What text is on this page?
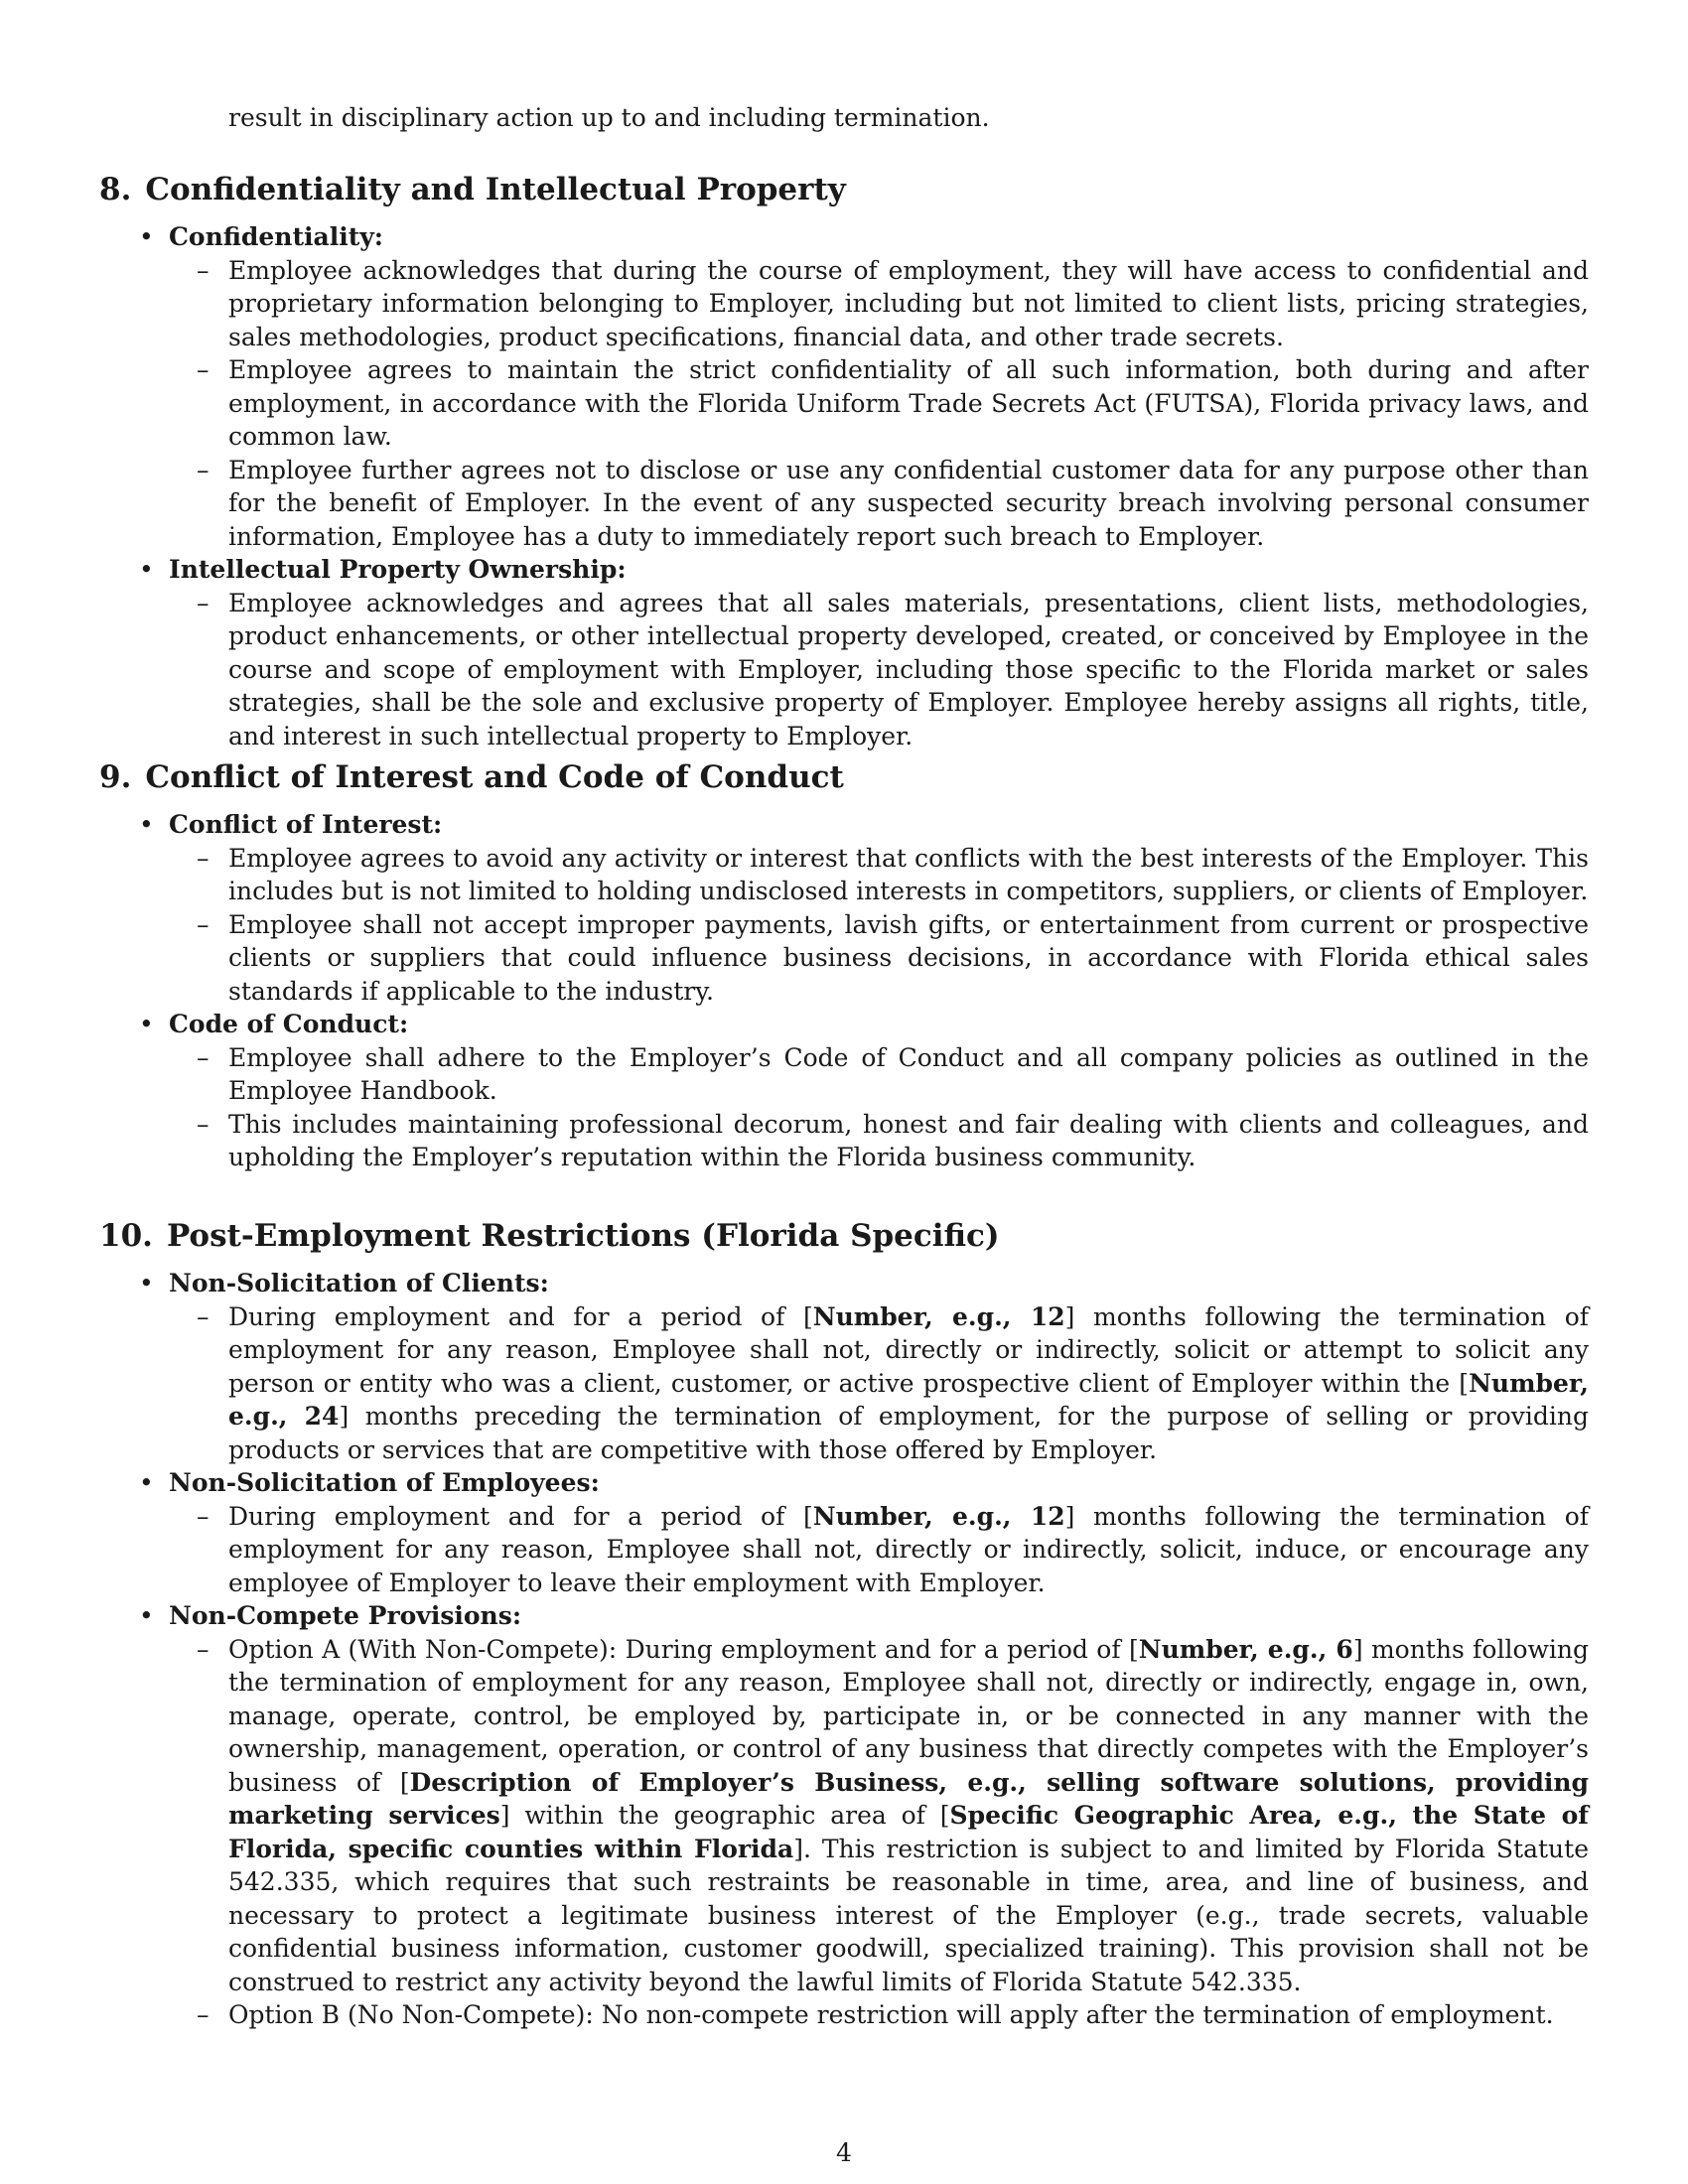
result in disciplinary action up to and including termination.
8. Confidentiality and Intellectual Property
• Confidentiality:
– Employee acknowledges that during the course of employment, they will have access to confidential and proprietary information belonging to Employer, including but not limited to client lists, pricing strategies, sales methodologies, product specifications, financial data, and other trade secrets.
– Employee agrees to maintain the strict confidentiality of all such information, both during and after employment, in accordance with the Florida Uniform Trade Secrets Act (FUTSA), Florida privacy laws, and common law.
– Employee further agrees not to disclose or use any confidential customer data for any purpose other than for the benefit of Employer. In the event of any suspected security breach involving personal consumer information, Employee has a duty to immediately report such breach to Employer.
• Intellectual Property Ownership:
– Employee acknowledges and agrees that all sales materials, presentations, client lists, methodologies, product enhancements, or other intellectual property developed, created, or conceived by Employee in the course and scope of employment with Employer, including those specific to the Florida market or sales strategies, shall be the sole and exclusive property of Employer. Employee hereby assigns all rights, title, and interest in such intellectual property to Employer.
9. Conflict of Interest and Code of Conduct
• Conflict of Interest:
– Employee agrees to avoid any activity or interest that conflicts with the best interests of the Employer. This includes but is not limited to holding undisclosed interests in competitors, suppliers, or clients of Employer.
– Employee shall not accept improper payments, lavish gifts, or entertainment from current or prospective clients or suppliers that could influence business decisions, in accordance with Florida ethical sales standards if applicable to the industry.
• Code of Conduct:
– Employee shall adhere to the Employer’s Code of Conduct and all company policies as outlined in the Employee Handbook.
– This includes maintaining professional decorum, honest and fair dealing with clients and colleagues, and upholding the Employer’s reputation within the Florida business community.
10. Post-Employment Restrictions (Florida Specific)
• Non-Solicitation of Clients:
– During employment and for a period of [Number, e.g., 12] months following the termination of employment for any reason, Employee shall not, directly or indirectly, solicit or attempt to solicit any person or entity who was a client, customer, or active prospective client of Employer within the [Number, e.g., 24] months preceding the termination of employment, for the purpose of selling or providing products or services that are competitive with those offered by Employer.
• Non-Solicitation of Employees:
– During employment and for a period of [Number, e.g., 12] months following the termination of employment for any reason, Employee shall not, directly or indirectly, solicit, induce, or encourage any employee of Employer to leave their employment with Employer.
• Non-Compete Provisions:
– Option A (With Non-Compete): During employment and for a period of [Number, e.g., 6] months following the termination of employment for any reason, Employee shall not, directly or indirectly, engage in, own, manage, operate, control, be employed by, participate in, or be connected in any manner with the ownership, management, operation, or control of any business that directly competes with the Employer’s business of [Description of Employer’s Business, e.g., selling software solutions, providing marketing services] within the geographic area of [Specific Geographic Area, e.g., the State of Florida, specific counties within Florida]. This restriction is subject to and limited by Florida Statute 542.335, which requires that such restraints be reasonable in time, area, and line of business, and necessary to protect a legitimate business interest of the Employer (e.g., trade secrets, valuable confidential business information, customer goodwill, specialized training). This provision shall not be construed to restrict any activity beyond the lawful limits of Florida Statute 542.335.
– Option B (No Non-Compete): No non-compete restriction will apply after the termination of employment.
4
